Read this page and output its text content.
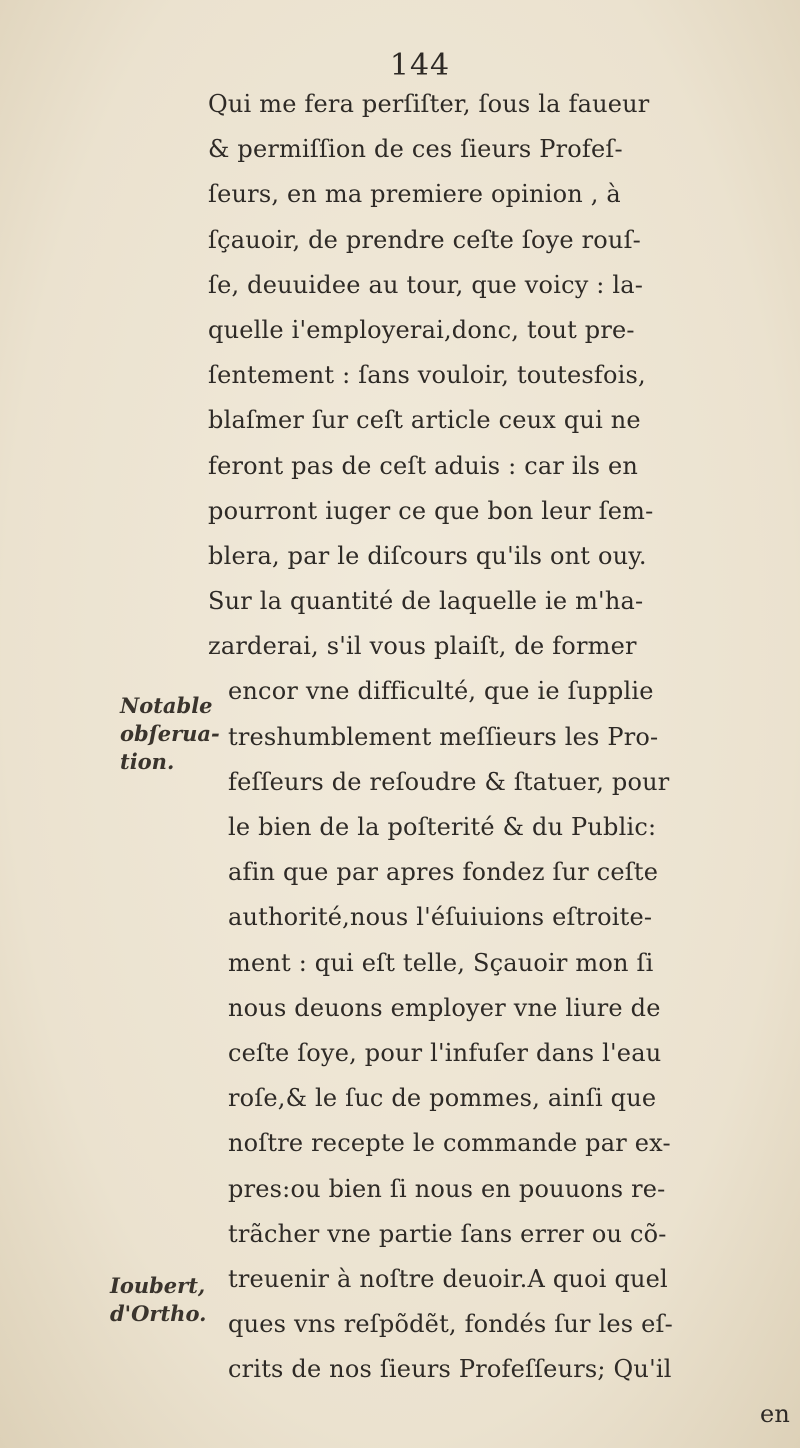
144
Qui me fera perſiſter, ſous la faueur
& permiſſion de ces ſieurs Profeſ-
ſeurs, en ma premiere opinion , à
ſçauoir, de prendre ceſte ſoye rouſ-
ſe, deuuidee au tour, que voicy : la-
quelle i'employerai,donc, tout pre-
ſentement : ſans vouloir, toutesfois,
blaſmer ſur ceſt article ceux qui ne
feront pas de ceſt aduis : car ils en
pourront iuger ce que bon leur ſem-
blera, par le diſcours qu'ils ont ouy.
Sur la quantité de laquelle ie m'ha-
zarderai, s'il vous plaiſt, de former
encor vne difficulté, que ie ſupplie
treshumblement meſſieurs les Pro-
feſſeurs de reſoudre & ſtatuer, pour
le bien de la poſterité & du Public:
afin que par apres fondez ſur ceſte
authorité,nous l'éſuiuions eſtroite-
ment : qui eſt telle, Sçauoir mon ſi
nous deuons employer vne liure de
ceſte ſoye, pour l'infuſer dans l'eau
roſe,& le ſuc de pommes, ainſi que
noſtre recepte le commande par ex-
pres:ou bien ſi nous en pouuons re-
trãcher vne partie ſans errer ou cõ-
treuenir à noſtre deuoir.A quoi quel
ques vns reſpõdẽt, fondés ſur les eſ-
crits de nos ſieurs Profeſſeurs; Qu'il
en
Notable
obſerua-
tion.
Ioubert,
d'Ortho.
